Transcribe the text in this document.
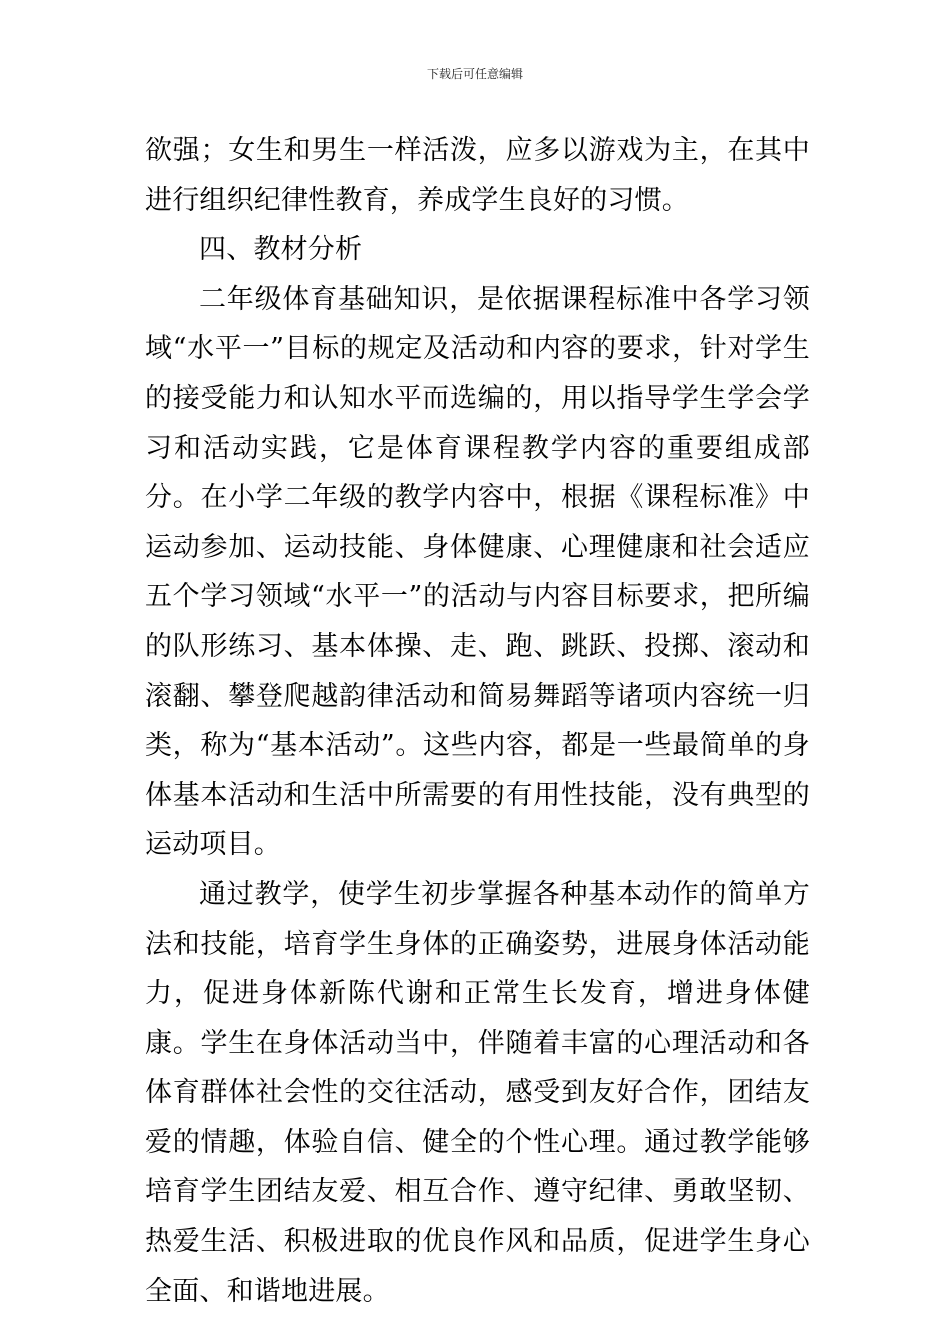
下载后可任意编辑

欲强；女生和男生一样活泼，应多以游戏为主，在其中进行组织纪律性教育，养成学生良好的习惯。

四、教材分析

二年级体育基础知识，是依据课程标准中各学习领域“水平一”目标的规定及活动和内容的要求，针对学生的接受能力和认知水平而选编的，用以指导学生学会学习和活动实践，它是体育课程教学内容的重要组成部分。在小学二年级的教学内容中，根据《课程标准》中运动参加、运动技能、身体健康、心理健康和社会适应五个学习领域“水平一”的活动与内容目标要求，把所编的队形练习、基本体操、走、跑、跳跃、投掷、滚动和滚翻、攀登爬越韵律活动和简易舞蹈等诸项内容统一归类，称为“基本活动”。这些内容，都是一些最简单的身体基本活动和生活中所需要的有用性技能，没有典型的运动项目。

通过教学，使学生初步掌握各种基本动作的简单方法和技能，培育学生身体的正确姿势，进展身体活动能力，促进身体新陈代谢和正常生长发育，增进身体健康。学生在身体活动当中，伴随着丰富的心理活动和各体育群体社会性的交往活动，感受到友好合作，团结友爱的情趣，体验自信、健全的个性心理。通过教学能够培育学生团结友爱、相互合作、遵守纪律、勇敢坚韧、热爱生活、积极进取的优良作风和品质，促进学生身心全面、和谐地进展。
